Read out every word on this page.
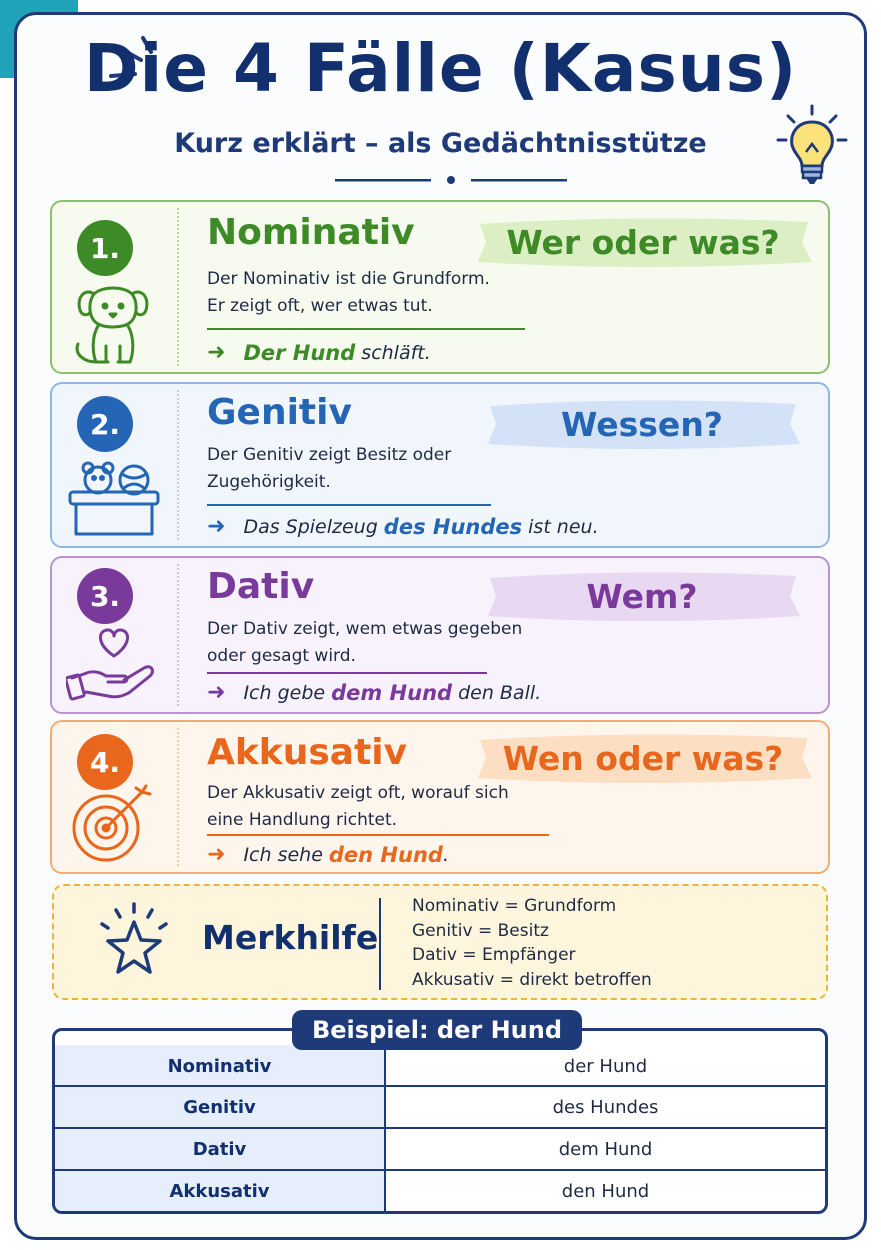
Die 4 Fälle (Kasus)
Kurz erklärt – als Gedächtnisstütze
1.	Nominativ	Wer oder was?
Der Nominativ ist die Grundform.
Er zeigt oft, wer etwas tut.
➜ Der Hund schläft.
2.	Genitiv	Wessen?
Der Genitiv zeigt Besitz oder
Zugehörigkeit.
➜ Das Spielzeug des Hundes ist neu.
3.	Dativ	Wem?
Der Dativ zeigt, wem etwas gegeben
oder gesagt wird.
➜ Ich gebe dem Hund den Ball.
4.	Akkusativ	Wen oder was?
Der Akkusativ zeigt oft, worauf sich
eine Handlung richtet.
➜ Ich sehe den Hund .
Merkhilfe
Nominativ = Grundform
Genitiv = Besitz
Dativ = Empfänger
Akkusativ = direkt betroffen
Nominativ	der Hund
Genitiv	des Hundes
Dativ	dem Hund
Akkusativ	den Hund
Beispiel: der Hund
